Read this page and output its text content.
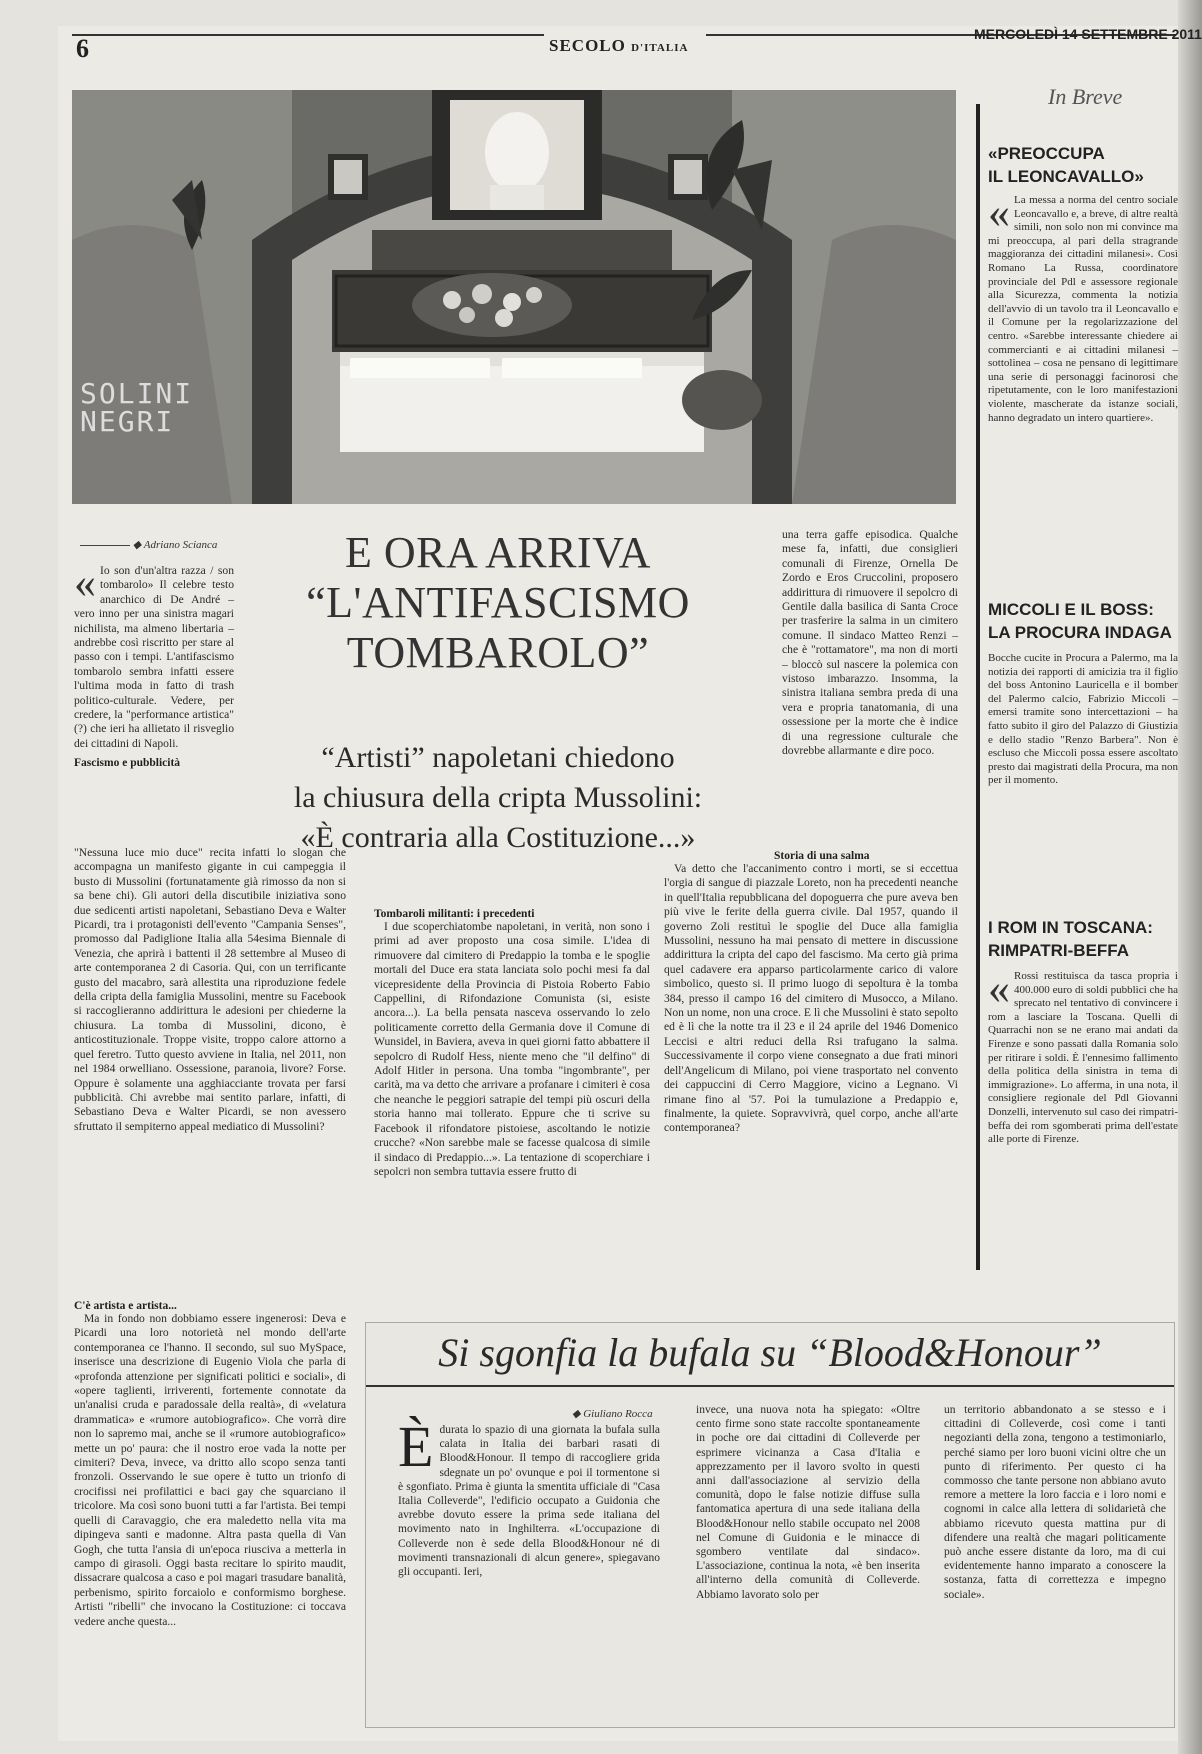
6	SECOLO D'ITALIA
MERCOLEDÌ 14 SETTEMBRE 2011
SOLINI NEGRI
In Breve
«PREOCCUPA
IL LEONCAVALLO»
« La messa a norma del centro sociale Leoncavallo e, a breve, di altre realtà simili, non solo non mi convince ma mi preoccupa, al pari della stragrande maggioranza dei cittadini milanesi». Così Romano La Russa, coordinatore provinciale del Pdl e assessore regionale alla Sicurezza, commenta la notizia dell'avvio di un tavolo tra il Leoncavallo e il Comune per la regolarizzazione del centro. «Sarebbe interessante chiedere ai commercianti e ai cittadini milanesi – sottolinea – cosa ne pensano di legittimare una serie di personaggi facinorosi che ripetutamente, con le loro manifestazioni violente, mascherate da istanze sociali, hanno degradato un intero quartiere».

MICCOLI E IL BOSS:
LA PROCURA INDAGA

Bocche cucite in Procura a Palermo, ma la notizia dei rapporti di amicizia tra il figlio del boss Antonino Lauricella e il bomber del Palermo calcio, Fabrizio Miccoli – emersi tramite sono intercettazioni – ha fatto subito il giro del Palazzo di Giustizia e dello stadio "Renzo Barbera". Non è escluso che Miccoli possa essere ascoltato presto dai magistrati della Procura, ma non per il momento.

I ROM IN TOSCANA:
RIMPATRI-BEFFA
« Rossi restituisca da tasca propria i 400.000 euro di soldi pubblici che ha sprecato nel tentativo di convincere i rom a lasciare la Toscana. Quelli di Quarrachi non se ne erano mai andati da Firenze e sono passati dalla Romania solo per ritirare i soldi. È l'ennesimo fallimento della politica della sinistra in tema di immigrazione». Lo afferma, in una nota, il consigliere regionale del Pdl Giovanni Donzelli, intervenuto sul caso dei rimpatri-beffa dei rom sgomberati prima dell'estate alle porte di Firenze.

◆ Adriano Scianca
« Io son d'un'altra razza / son tombarolo» Il celebre testo anarchico di De André – vero inno per una sinistra magari nichilista, ma almeno libertaria – andrebbe così riscritto per stare al passo con i tempi. L'antifascismo tombarolo sembra infatti essere l'ultima moda in fatto di trash politico-culturale. Vedere, per credere, la "performance artistica" (?) che ieri ha allietato il risveglio dei cittadini di Napoli.

Fascismo e pubblicità

"Nessuna luce mio duce" recita infatti lo slogan che accompagna un manifesto gigante in cui campeggia il busto di Mussolini (fortunatamente già rimosso da non si sa bene chi). Gli autori della discutibile iniziativa sono due sedicenti artisti napoletani, Sebastiano Deva e Walter Picardi, tra i protagonisti dell'evento "Campania Senses", promosso dal Padiglione Italia alla 54esima Biennale di Venezia, che aprirà i battenti il 28 settembre al Museo di arte contemporanea 2 di Casoria. Qui, con un terrificante gusto del macabro, sarà allestita una riproduzione fedele della cripta della famiglia Mussolini, mentre su Facebook si raccoglieranno addirittura le adesioni per chiederne la chiusura. La tomba di Mussolini, dicono, è anticostituzionale. Troppe visite, troppo calore attorno a quel feretro. Tutto questo avviene in Italia, nel 2011, non nel 1984 orwelliano. Ossessione, paranoia, livore? Forse. Oppure è solamente una agghiacciante trovata per farsi pubblicità. Chi avrebbe mai sentito parlare, infatti, di Sebastiano Deva e Walter Picardi, se non avessero sfruttato il sempiterno appeal mediatico di Mussolini?

C'è artista e artista...

Ma in fondo non dobbiamo essere ingenerosi: Deva e Picardi una loro notorietà nel mondo dell'arte contemporanea ce l'hanno. Il secondo, sul suo MySpace, inserisce una descrizione di Eugenio Viola che parla di «profonda attenzione per significati politici e sociali», di «opere taglienti, irriverenti, fortemente connotate da un'analisi cruda e paradossale della realtà», di «velatura drammatica» e «rumore autobiografico». Che vorrà dire non lo sapremo mai, anche se il «rumore autobiografico» mette un po' paura: che il nostro eroe vada la notte per cimiteri? Deva, invece, va dritto allo scopo senza tanti fronzoli. Osservando le sue opere è tutto un trionfo di crocifissi nei profilattici e baci gay che squarciano il tricolore. Ma così sono buoni tutti a far l'artista. Bei tempi quelli di Caravaggio, che era maledetto nella vita ma dipingeva santi e madonne. Altra pasta quella di Van Gogh, che tutta l'ansia di un'epoca riusciva a metterla in campo di girasoli. Oggi basta recitare lo spirito maudit, dissacrare qualcosa a caso e poi magari trasudare banalità, perbenismo, spirito forcaiolo e conformismo borghese. Artisti "ribelli" che invocano la Costituzione: ci toccava vedere anche questa...

E ORA ARRIVA
“L'ANTIFASCISMO
TOMBAROLO”
“Artisti” napoletani chiedono
la chiusura della cripta Mussolini:
«È contraria alla Costituzione...»
Tombaroli militanti: i precedenti

I due scoperchiatombe napoletani, in verità, non sono i primi ad aver proposto una cosa simile. L'idea di rimuovere dal cimitero di Predappio la tomba e le spoglie mortali del Duce era stata lanciata solo pochi mesi fa dal vicepresidente della Provincia di Pistoia Roberto Fabio Cappellini, di Rifondazione Comunista (si, esiste ancora...). La bella pensata nasceva osservando lo zelo politicamente corretto della Germania dove il Comune di Wunsidel, in Baviera, aveva in quei giorni fatto abbattere il sepolcro di Rudolf Hess, niente meno che "il delfino" di Adolf Hitler in persona. Una tomba "ingombrante", per carità, ma va detto che arrivare a profanare i cimiteri è cosa che neanche le peggiori satrapie del tempi più oscuri della storia hanno mai tollerato. Eppure che ti scrive su Facebook il rifondatore pistoiese, ascoltando le notizie crucche? «Non sarebbe male se facesse qualcosa di simile il sindaco di Predappio...». La tentazione di scoperchiare i sepolcri non sembra tuttavia essere frutto di

una terra gaffe episodica. Qualche mese fa, infatti, due consiglieri comunali di Firenze, Ornella De Zordo e Eros Cruccolini, proposero addirittura di rimuovere il sepolcro di Gentile dalla basilica di Santa Croce per trasferire la salma in un cimitero comune. Il sindaco Matteo Renzi – che è "rottamatore", ma non di morti – bloccò sul nascere la polemica con vistoso imbarazzo. Insomma, la sinistra italiana sembra preda di una vera e propria tanatomania, di una ossessione per la morte che è indice di una regressione culturale che dovrebbe allarmante e dire poco.

Storia di una salma

Va detto che l'accanimento contro i morti, se si eccettua l'orgia di sangue di piazzale Loreto, non ha precedenti neanche in quell'Italia repubblicana del dopoguerra che pure aveva ben più vive le ferite della guerra civile. Dal 1957, quando il governo Zoli restituì le spoglie del Duce alla famiglia Mussolini, nessuno ha mai pensato di mettere in discussione addirittura la cripta del capo del fascismo. Ma certo già prima quel cadavere era apparso particolarmente carico di valore simbolico, questo si. Il primo luogo di sepoltura è la tomba 384, presso il campo 16 del cimitero di Musocco, a Milano. Non un nome, non una croce. E lì che Mussolini è stato sepolto ed è lì che la notte tra il 23 e il 24 aprile del 1946 Domenico Leccisi e altri reduci della Rsi trafugano la salma. Successivamente il corpo viene consegnato a due frati minori dell'Angelicum di Milano, poi viene trasportato nel convento dei cappuccini di Cerro Maggiore, vicino a Legnano. Vi rimane fino al '57. Poi la tumulazione a Predappio e, finalmente, la quiete. Sopravvivrà, quel corpo, anche all'arte contemporanea?

Si sgonfia la bufala su “Blood&Honour”
◆ Giuliano Rocca
È durata lo spazio di una giornata la bufala sulla calata in Italia dei barbari rasati di Blood&Honour. Il tempo di raccogliere grida sdegnate un po' ovunque e poi il tormentone si è sgonfiato. Prima è giunta la smentita ufficiale di "Casa Italia Colleverde", l'edificio occupato a Guidonia che avrebbe dovuto essere la prima sede italiana del movimento nato in Inghilterra. «L'occupazione di Colleverde non è sede della Blood&Honour né di movimenti transnazionali di alcun genere», spiegavano gli occupanti. Ieri,

invece, una nuova nota ha spiegato: «Oltre cento firme sono state raccolte spontaneamente in poche ore dai cittadini di Colleverde per esprimere vicinanza a Casa d'Italia e apprezzamento per il lavoro svolto in questi anni dall'associazione al servizio della comunità, dopo le false notizie diffuse sulla fantomatica apertura di una sede italiana della Blood&Honour nello stabile occupato nel 2008 nel Comune di Guidonia e le minacce di sgombero ventilate dal sindaco». L'associazione, continua la nota, «è ben inserita all'interno della comunità di Colleverde. Abbiamo lavorato solo per

un territorio abbandonato a se stesso e i cittadini di Colleverde, così come i tanti negozianti della zona, tengono a testimoniarlo, perché siamo per loro buoni vicini oltre che un punto di riferimento. Per questo ci ha commosso che tante persone non abbiano avuto remore a mettere la loro faccia e i loro nomi e cognomi in calce alla lettera di solidarietà che abbiamo ricevuto questa mattina pur di difendere una realtà che magari politicamente può anche essere distante da loro, ma di cui evidentemente hanno imparato a conoscere la sostanza, fatta di correttezza e impegno sociale».
